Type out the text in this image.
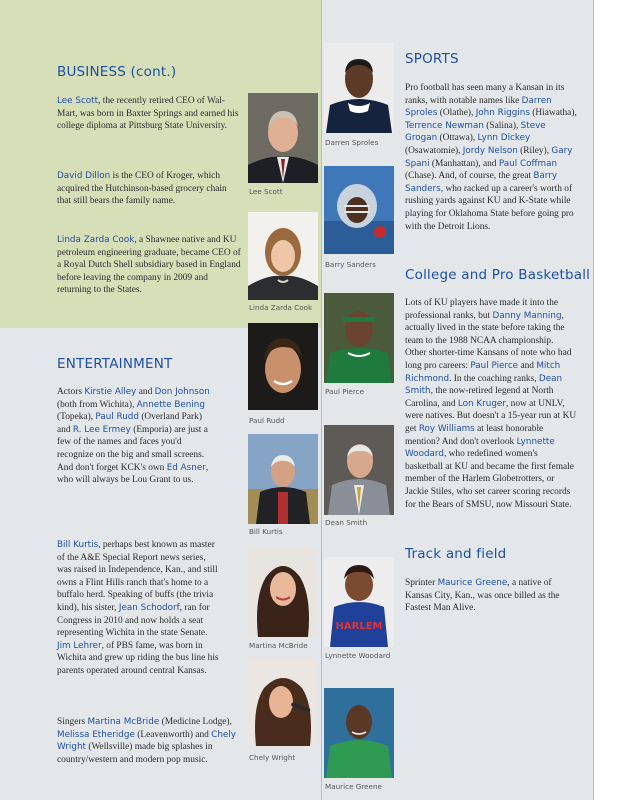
BUSINESS (cont.)
Lee Scott, the recently retired CEO of Wal-Mart, was born in Baxter Springs and earned his college diploma at Pittsburg State University.
David Dillon is the CEO of Kroger, which acquired the Hutchinson-based grocery chain that still bears the family name.
Linda Zarda Cook, a Shawnee native and KU petroleum engineering graduate, became CEO of a Royal Dutch Shell subsidiary based in England before leaving the company in 2009 and returning to the States.
ENTERTAINMENT
Actors Kirstie Alley and Don Johnson (both from Wichita), Annette Bening (Topeka), Paul Rudd (Overland Park) and R. Lee Ermey (Emporia) are just a few of the names and faces you'd recognize on the big and small screens. And don't forget KCK's own Ed Asner, who will always be Lou Grant to us.
Bill Kurtis, perhaps best known as master of the A&E Special Report news series, was raised in Independence, Kan., and still owns a Flint Hills ranch that's home to a buffalo herd. Speaking of buffs (the trivia kind), his sister, Jean Schodorf, ran for Congress in 2010 and now holds a seat representing Wichita in the state Senate. Jim Lehrer, of PBS fame, was born in Wichita and grew up riding the bus line his parents operated around central Kansas.
Singers Martina McBride (Medicine Lodge), Melissa Etheridge (Leavenworth) and Chely Wright (Wellsville) made big splashes in country/western and modern pop music.
SPORTS
Pro football has seen many a Kansan in its ranks, with notable names like Darren Sproles (Olathe), John Riggins (Hiawatha), Terrence Newman (Salina), Steve Grogan (Ottawa), Lynn Dickey (Osawatomie), Jordy Nelson (Riley), Gary Spani (Manhattan), and Paul Coffman (Chase). And, of course, the great Barry Sanders, who racked up a career's worth of rushing yards against KU and K-State while playing for Oklahoma State before going pro with the Detroit Lions.
College and Pro Basketball
Lots of KU players have made it into the professional ranks, but Danny Manning, actually lived in the state before taking the team to the 1988 NCAA championship. Other shorter-time Kansans of note who had long pro careers: Paul Pierce and Mitch Richmond. In the coaching ranks, Dean Smith, the now-retired legend at North Carolina, and Lon Kruger, now at UNLV, were natives. But doesn't a 15-year run at KU get Roy Williams at least honorable mention? And don't overlook Lynnette Woodard, who redefined women's basketball at KU and became the first female member of the Harlem Globetrotters, or Jackie Stiles, who set career scoring records for the Bears of SMSU, now Missouri State.
Track and field
Sprinter Maurice Greene, a native of Kansas City, Kan., was once billed as the Fastest Man Alive.
Lee Scott
Linda Zarda Cook
Paul Rudd
Bill Kurtis
Martina McBride
Chely Wright
Darren Sproles
Barry Sanders
Paul Pierce
Dean Smith
HARLEM
Lynnette Woodard
Maurice Greene
